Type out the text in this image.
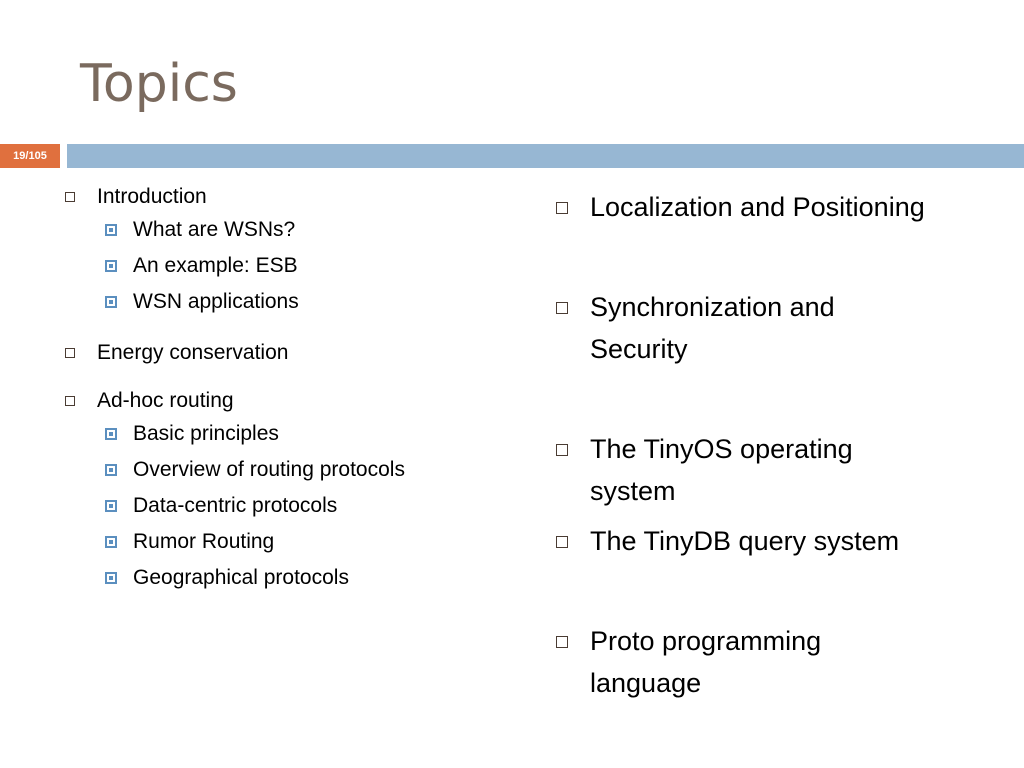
Topics
19/105
Introduction
What are WSNs?
An example: ESB
WSN applications
Energy conservation
Ad-hoc routing
Basic principles
Overview of routing protocols
Data-centric protocols
Rumor Routing
Geographical protocols
Localization and Positioning
Synchronization and Security
The TinyOS operating system
The TinyDB query system
Proto programming language
